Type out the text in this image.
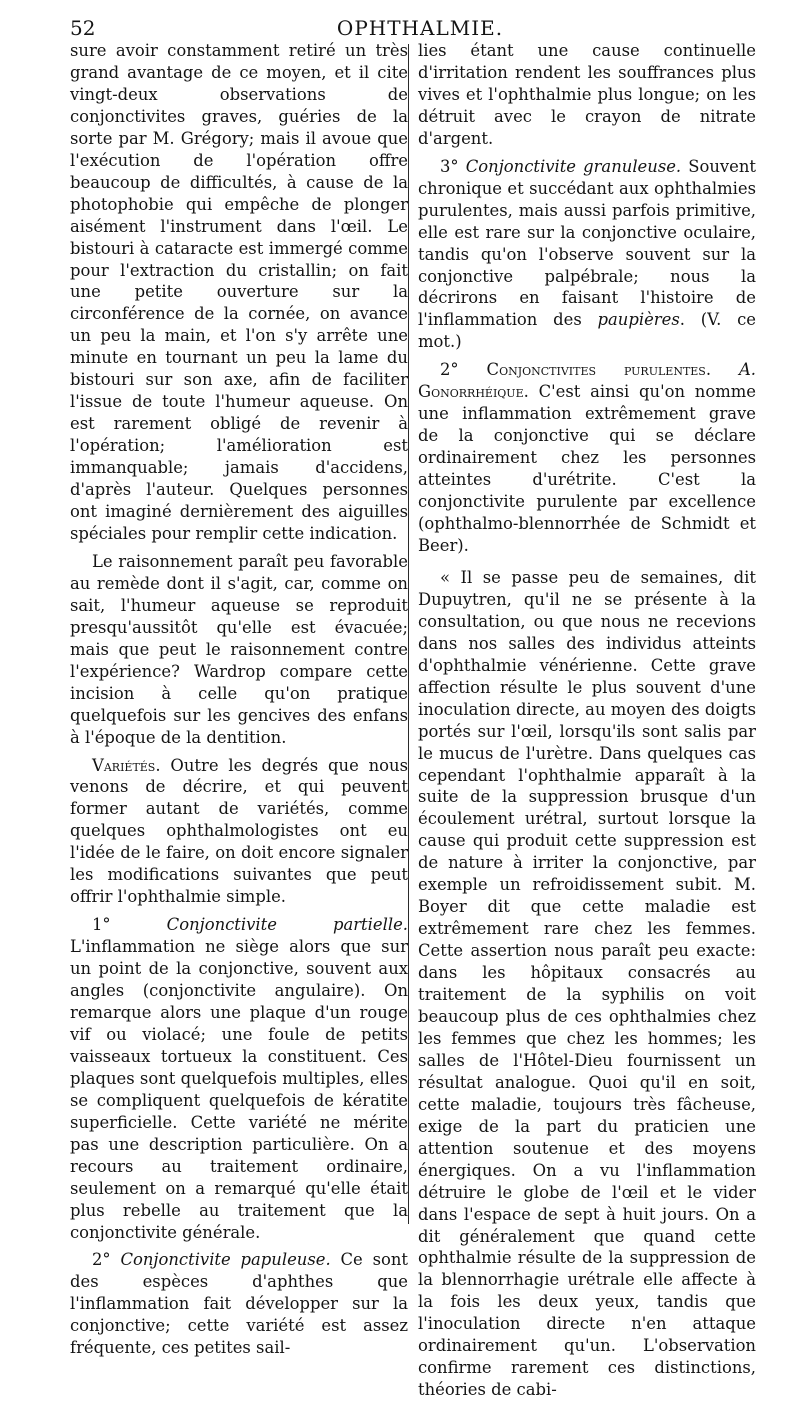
52	OPHTHALMIE.

sure avoir constamment retiré un très grand avantage de ce moyen, et il cite vingt-deux observations de conjonctivites graves, guéries de la sorte par M. Grégory; mais il avoue que l'exécution de l'opération offre beaucoup de difficultés, à cause de la photophobie qui empêche de plonger aisément l'instrument dans l'œil. Le bistouri à cataracte est immergé comme pour l'extraction du cristallin; on fait une petite ouverture sur la circonférence de la cornée, on avance un peu la main, et l'on s'y arrête une minute en tournant un peu la lame du bistouri sur son axe, afin de faciliter l'issue de toute l'humeur aqueuse. On est rarement obligé de revenir à l'opération; l'amélioration est immanquable; jamais d'accidens, d'après l'auteur. Quelques personnes ont imaginé dernièrement des aiguilles spéciales pour remplir cette indication.

Le raisonnement paraît peu favorable au remède dont il s'agit, car, comme on sait, l'humeur aqueuse se reproduit presqu'aussitôt qu'elle est évacuée; mais que peut le raisonnement contre l'expérience? Wardrop compare cette incision à celle qu'on pratique quelquefois sur les gencives des enfans à l'époque de la dentition.

Variétés. Outre les degrés que nous venons de décrire, et qui peuvent former autant de variétés, comme quelques ophthalmologistes ont eu l'idée de le faire, on doit encore signaler les modifications suivantes que peut offrir l'ophthalmie simple.

1° Conjonctivite partielle. L'inflammation ne siège alors que sur un point de la conjonctive, souvent aux angles (conjonctivite angulaire). On remarque alors une plaque d'un rouge vif ou violacé; une foule de petits vaisseaux tortueux la constituent. Ces plaques sont quelquefois multiples, elles se compliquent quelquefois de kératite superficielle. Cette variété ne mérite pas une description particulière. On a recours au traitement ordinaire, seulement on a remarqué qu'elle était plus rebelle au traitement que la conjonctivite générale.

2° Conjonctivite papuleuse. Ce sont des espèces d'aphthes que l'inflammation fait développer sur la conjonctive; cette variété est assez fréquente, ces petites sail-

lies étant une cause continuelle d'irritation rendent les souffrances plus vives et l'ophthalmie plus longue; on les détruit avec le crayon de nitrate d'argent.

3° Conjonctivite granuleuse. Souvent chronique et succédant aux ophthalmies purulentes, mais aussi parfois primitive, elle est rare sur la conjonctive oculaire, tandis qu'on l'observe souvent sur la conjonctive palpébrale; nous la décrirons en faisant l'histoire de l'inflammation des paupières. (V. ce mot.)

2° Conjonctivites purulentes. A. Gonorrhéique. C'est ainsi qu'on nomme une inflammation extrêmement grave de la conjonctive qui se déclare ordinairement chez les personnes atteintes d'urétrite. C'est la conjonctivite purulente par excellence (ophthalmo-blennorrhée de Schmidt et Beer).

« Il se passe peu de semaines, dit Dupuytren, qu'il ne se présente à la consultation, ou que nous ne recevions dans nos salles des individus atteints d'ophthalmie vénérienne. Cette grave affection résulte le plus souvent d'une inoculation directe, au moyen des doigts portés sur l'œil, lorsqu'ils sont salis par le mucus de l'urètre. Dans quelques cas cependant l'ophthalmie apparaît à la suite de la suppression brusque d'un écoulement urétral, surtout lorsque la cause qui produit cette suppression est de nature à irriter la conjonctive, par exemple un refroidissement subit. M. Boyer dit que cette maladie est extrêmement rare chez les femmes. Cette assertion nous paraît peu exacte: dans les hôpitaux consacrés au traitement de la syphilis on voit beaucoup plus de ces ophthalmies chez les femmes que chez les hommes; les salles de l'Hôtel-Dieu fournissent un résultat analogue. Quoi qu'il en soit, cette maladie, toujours très fâcheuse, exige de la part du praticien une attention soutenue et des moyens énergiques. On a vu l'inflammation détruire le globe de l'œil et le vider dans l'espace de sept à huit jours. On a dit généralement que quand cette ophthalmie résulte de la suppression de la blennorrhagie urétrale elle affecte à la fois les deux yeux, tandis que l'inoculation directe n'en attaque ordinairement qu'un. L'observation confirme rarement ces distinctions, théories de cabi-
